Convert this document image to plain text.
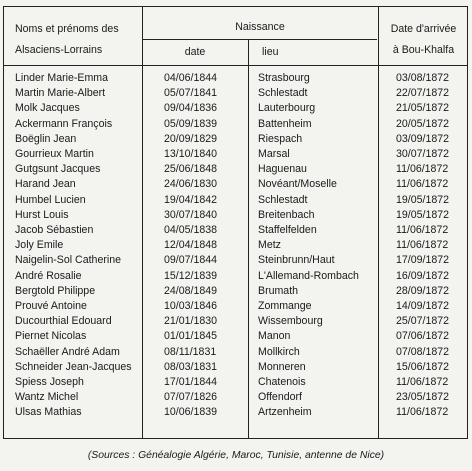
Noms et prénoms des
Alsaciens-Lorrains
Naissance
date	lieu
Date d'arrivée
à Bou-Khalfa
Linder Marie-Emma	04/06/1844	Strasbourg	03/08/1872
Martin Marie-Albert	05/07/1841	Schlestadt	22/07/1872
Molk Jacques	09/04/1836	Lauterbourg	21/05/1872
Ackermann François	05/09/1839	Battenheim	20/05/1872
Boëglin Jean	20/09/1829	Riespach	03/09/1872
Gourrieux Martin	13/10/1840	Marsal	30/07/1872
Gutgsunt Jacques	25/06/1848	Haguenau	11/06/1872
Harand Jean	24/06/1830	Novéant/Moselle	11/06/1872
Humbel Lucien	19/04/1842	Schlestadt	19/05/1872
Hurst Louis	30/07/1840	Breitenbach	19/05/1872
Jacob Sébastien	04/05/1838	Staffelfelden	11/06/1872
Joly Emile	12/04/1848	Metz	11/06/1872
Naigelin-Sol Catherine	09/07/1844	Steinbrunn/Haut	17/09/1872
André Rosalie	15/12/1839	L'Allemand-Rombach	16/09/1872
Bergtold Philippe	24/08/1849	Brumath	28/09/1872
Prouvé Antoine	10/03/1846	Zommange	14/09/1872
Ducourthial Edouard	21/01/1830	Wissembourg	25/07/1872
Piernet Nicolas	01/01/1845	Manon	07/06/1872
Schaëller André Adam	08/11/1831	Mollkirch	07/08/1872
Schneider Jean-Jacques	08/03/1831	Monneren	15/06/1872
Spiess Joseph	17/01/1844	Chatenois	11/06/1872
Wantz Michel	07/07/1826	Offendorf	23/05/1872
Ulsas Mathias	10/06/1839	Artzenheim	11/06/1872
(Sources : Généalogie Algérie, Maroc, Tunisie, antenne de Nice)
